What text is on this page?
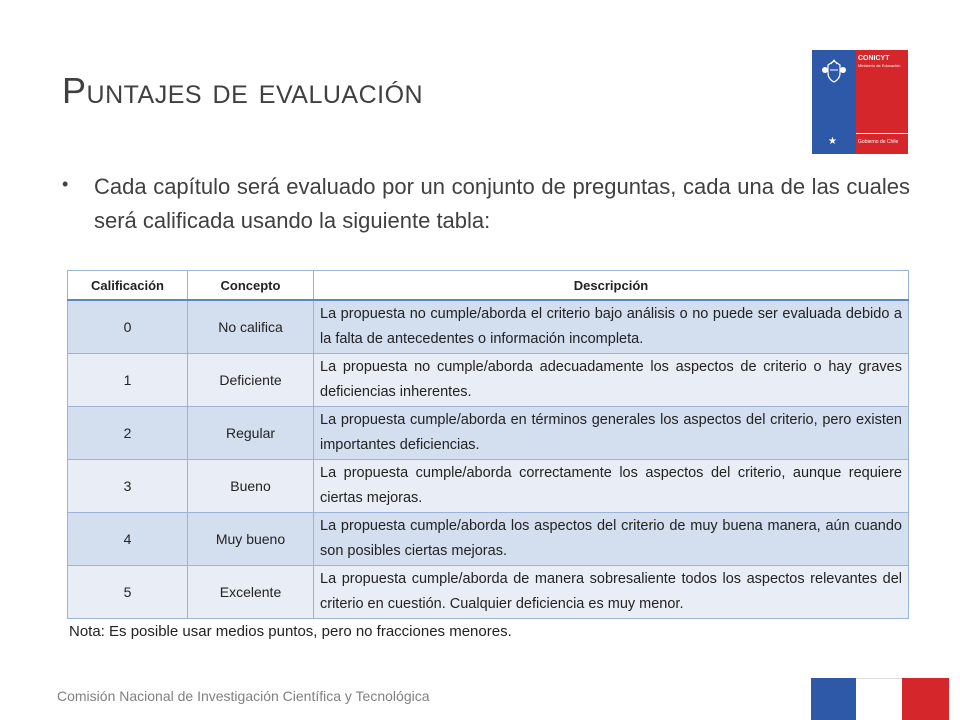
Puntajes de evaluación
★
CONICYT
Ministerio de Educación
Gobierno de Chile
• Cada capítulo será evaluado por un conjunto de preguntas, cada una de las cuales será calificada usando la siguiente tabla:
Calificación	Concepto	Descripción
0	No califica	La propuesta no cumple/aborda el criterio bajo análisis o no puede ser evaluada debido a la falta de antecedentes o información incompleta.
1	Deficiente	La propuesta no cumple/aborda adecuadamente los aspectos de criterio o hay graves deficiencias inherentes.
2	Regular	La propuesta cumple/aborda en términos generales los aspectos del criterio, pero existen importantes deficiencias.
3	Bueno	La propuesta cumple/aborda correctamente los aspectos del criterio, aunque requiere ciertas mejoras.
4	Muy bueno	La propuesta cumple/aborda los aspectos del criterio de muy buena manera, aún cuando son posibles ciertas mejoras.
5	Excelente	La propuesta cumple/aborda de manera sobresaliente todos los aspectos relevantes del criterio en cuestión. Cualquier deficiencia es muy menor.
Nota: Es posible usar medios puntos, pero no fracciones menores.
Comisión Nacional de Investigación Científica y Tecnológica
